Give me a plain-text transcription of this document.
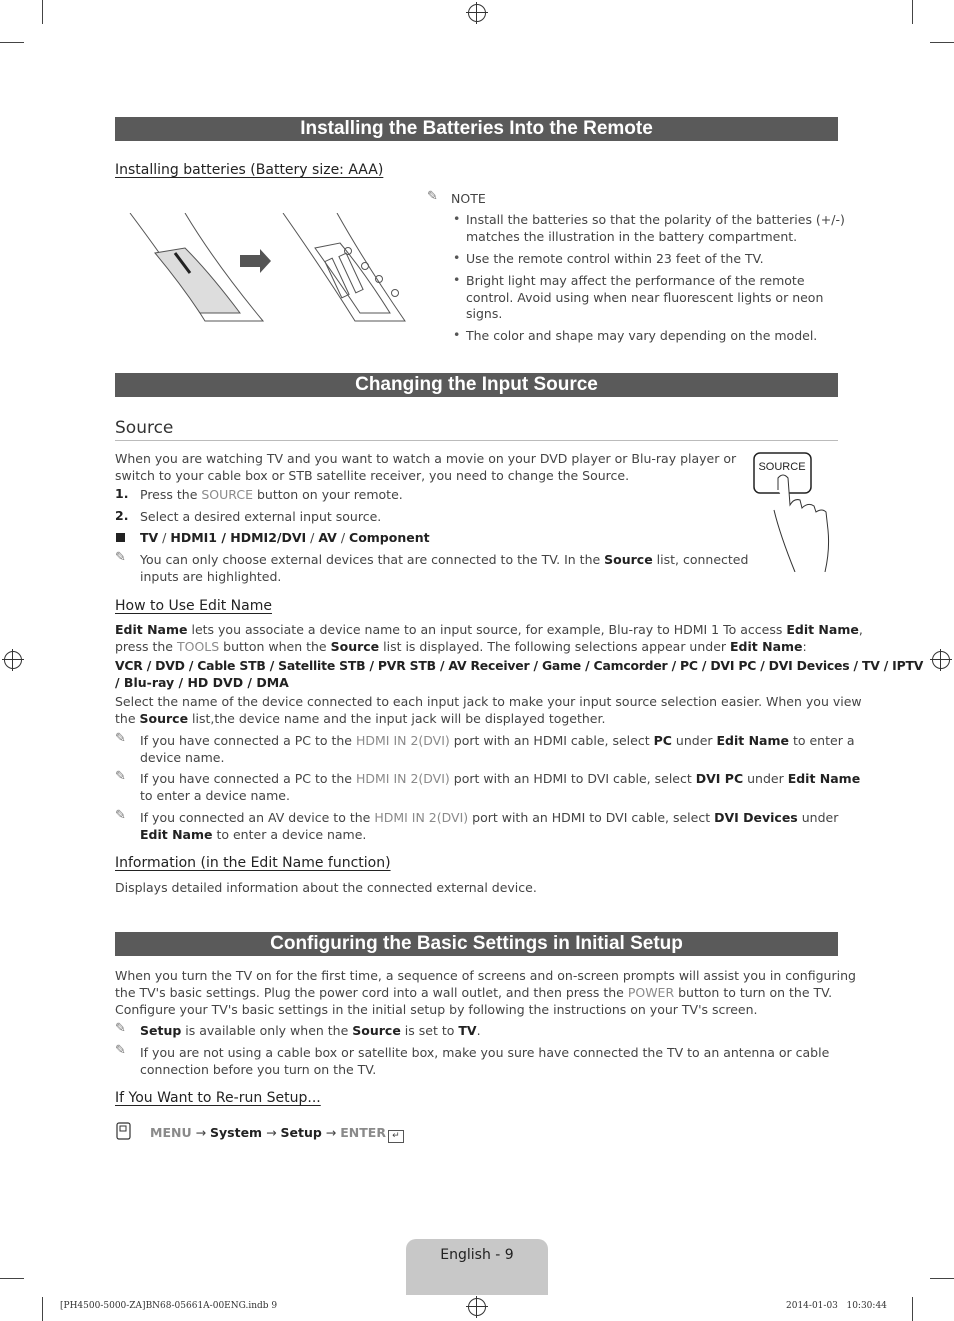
Installing the Batteries Into the Remote
Installing batteries (Battery size: AAA)
✎ NOTE
• Install the batteries so that the polarity of the batteries (+/-)
matches the illustration in the battery compartment.
• Use the remote control within 23 feet of the TV.
• Bright light may affect the performance of the remote
control. Avoid using when near fluorescent lights or neon
signs.
• The color and shape may vary depending on the model.
Changing the Input Source
Source
When you are watching TV and you want to watch a movie on your DVD player or Blu-ray player or
switch to your cable box or STB satellite receiver, you need to change the Source.
1. Press the SOURCE button on your remote.
2. Select a desired external input source.
TV / HDMI1 / HDMI2/DVI / AV / Component
✎ You can only choose external devices that are connected to the TV. In the Source list, connected
inputs are highlighted.
SOURCE
How to Use Edit Name
Edit Name lets you associate a device name to an input source, for example, Blu-ray to HDMI 1 To access Edit Name,
press the TOOLS button when the Source list is displayed. The following selections appear under Edit Name:
VCR / DVD / Cable STB / Satellite STB / PVR STB / AV Receiver / Game / Camcorder / PC / DVI PC / DVI Devices / TV / IPTV
/ Blu-ray / HD DVD / DMA
Select the name of the device connected to each input jack to make your input source selection easier. When you view
the Source list,the device name and the input jack will be displayed together.
✎ If you have connected a PC to the HDMI IN 2(DVI) port with an HDMI cable, select PC under Edit Name to enter a
device name.
✎ If you have connected a PC to the HDMI IN 2(DVI) port with an HDMI to DVI cable, select DVI PC under Edit Name
to enter a device name.
✎ If you connected an AV device to the HDMI IN 2(DVI) port with an HDMI to DVI cable, select DVI Devices under
Edit Name to enter a device name.
Information (in the Edit Name function)
Displays detailed information about the connected external device.
Configuring the Basic Settings in Initial Setup
When you turn the TV on for the first time, a sequence of screens and on-screen prompts will assist you in configuring
the TV's basic settings. Plug the power cord into a wall outlet, and then press the POWER button to turn on the TV.
Configure your TV's basic settings in the initial setup by following the instructions on your TV's screen.
✎ Setup is available only when the Source is set to TV.
✎ If you are not using a cable box or satellite box, make you sure have connected the TV to an antenna or cable
connection before you turn on the TV.
If You Want to Re-run Setup...
MENU → System → Setup → ENTER ↵
English - 9
[PH4500-5000-ZA]BN68-05661A-00ENG.indb 9	2014-01-03   10:30:44
